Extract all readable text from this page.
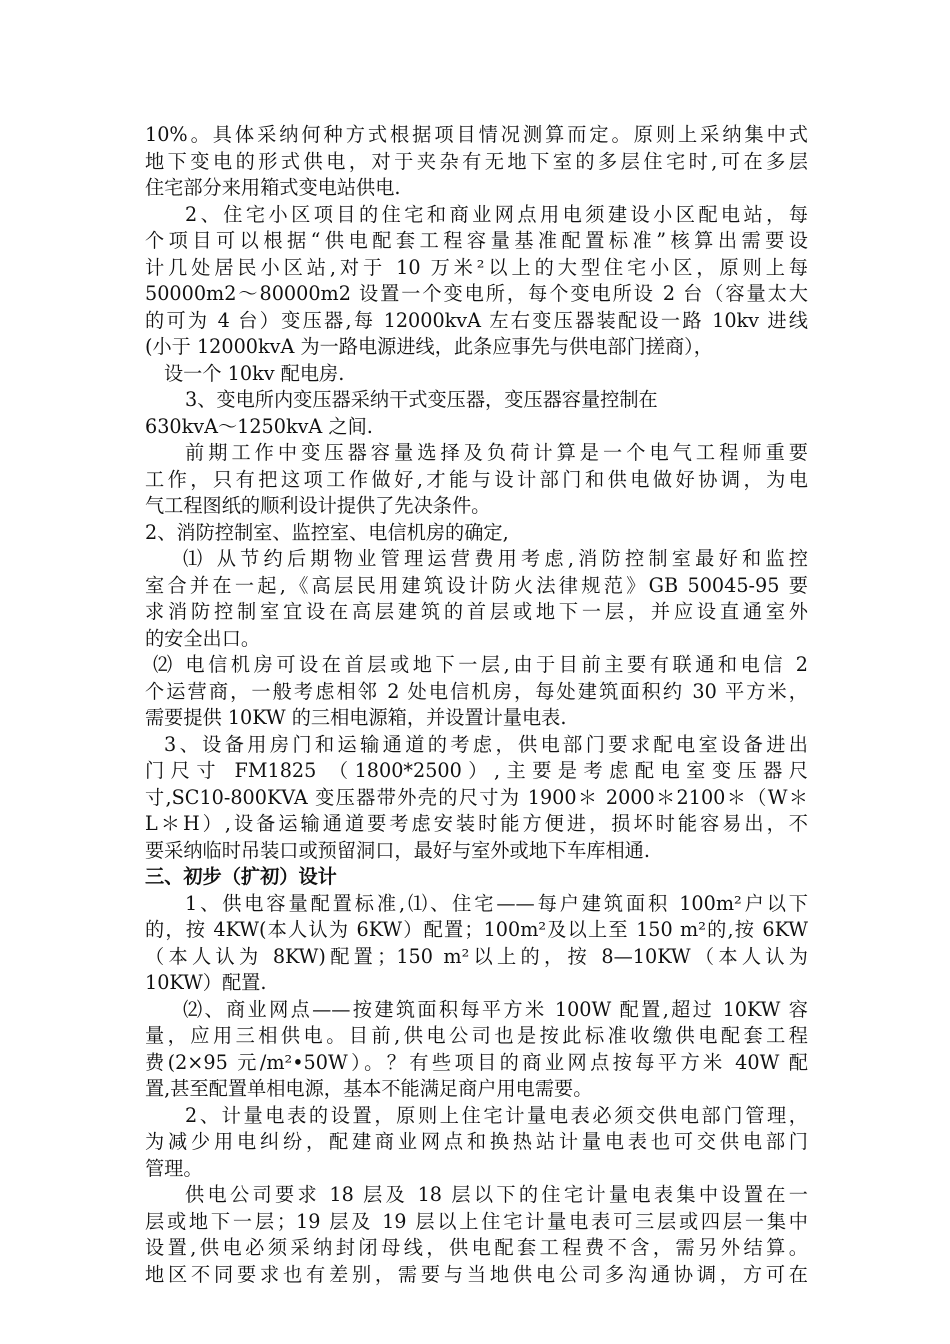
10%。具体采纳何种方式根据项目情况测算而定。原则上采纳集中式
地下变电的形式供电，对于夹杂有无地下室的多层住宅时,可在多层
住宅部分来用箱式变电站供电.
2、住宅小区项目的住宅和商业网点用电须建设小区配电站，每
个项目可以根据“供电配套工程容量基准配置标准”核算出需要设
计几处居民小区站,对于 10 万米²以上的大型住宅小区，原则上每
50000m2～80000m2 设置一个变电所，每个变电所设 2 台（容量太大
的可为 4 台）变压器,每 12000kvA 左右变压器装配设一路 10kv 进线
(小于 12000kvA 为一路电源进线，此条应事先与供电部门搓商），
设一个 10kv 配电房.
3、变电所内变压器采纳干式变压器，变压器容量控制在
630kvA～1250kvA 之间.
前期工作中变压器容量选择及负荷计算是一个电气工程师重要
工作，只有把这项工作做好,才能与设计部门和供电做好协调，为电
气工程图纸的顺利设计提供了先决条件。
2、消防控制室、监控室、电信机房的确定,
⑴ 从节约后期物业管理运营费用考虑,消防控制室最好和监控
室合并在一起,《高层民用建筑设计防火法律规范》GB 50045-95 要
求消防控制室宜设在高层建筑的首层或地下一层，并应设直通室外
的安全出口。
⑵ 电信机房可设在首层或地下一层,由于目前主要有联通和电信 2
个运营商，一般考虑相邻 2 处电信机房，每处建筑面积约 30 平方米，
需要提供 10KW 的三相电源箱，并设置计量电表.
3、设备用房门和运输通道的考虑，供电部门要求配电室设备进出
门尺寸 FM1825 （1800*2500）,主要是考虑配电室变压器尺
寸,SC10-800KVA 变压器带外壳的尺寸为 1900＊ 2000＊2100＊（W＊
L＊H）,设备运输通道要考虑安装时能方便进，损坏时能容易出，不
要采纳临时吊装口或预留洞口，最好与室外或地下车库相通.
三、初步（扩初）设计
1、供电容量配置标准,⑴、住宅——每户建筑面积 100m²户以下
的，按 4KW(本人认为 6KW）配置；100m²及以上至 150 m²的,按 6KW
（本人认为 8KW)配置；150 m²以上的，按 8—10KW（本人认为
10KW）配置.
⑵、商业网点——按建筑面积每平方米 100W 配置,超过 10KW 容
量，应用三相供电。目前,供电公司也是按此标准收缴供电配套工程
费(2×95 元/m²•50W）。？有些项目的商业网点按每平方米 40W 配
置,甚至配置单相电源，基本不能满足商户用电需要。
2、计量电表的设置，原则上住宅计量电表必须交供电部门管理，
为减少用电纠纷，配建商业网点和换热站计量电表也可交供电部门
管理。
供电公司要求 18 层及 18 层以下的住宅计量电表集中设置在一
层或地下一层；19 层及 19 层以上住宅计量电表可三层或四层一集中
设置,供电必须采纳封闭母线，供电配套工程费不含，需另外结算。
地区不同要求也有差别，需要与当地供电公司多沟通协调，方可在
